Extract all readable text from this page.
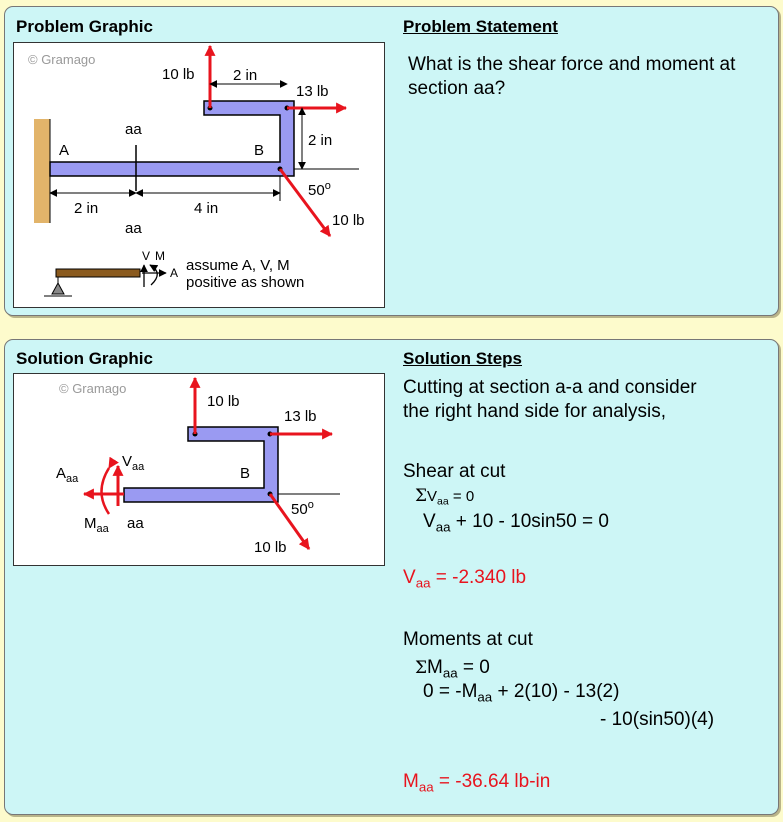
Problem Graphic	Problem Statement
What is the shear force and moment at section aa?
© Gramago
aa
aa
A	B
10 lb
13 lb
10 lb
2 in
2 in
50$^o$
2 in	4 in
V M
A assume A, V, M
positive as shown
Solution Graphic	Solution Steps
© Gramago
B
10 lb
13 lb
10 lb
50$^o$
$A_{aa}$
$V_{aa}$
$M_{aa}$ aa
Cutting at section a-a and consider
the right hand side for analysis,
Shear at cut
$\Sigma V_{aa} = 0$
$V_{aa} + 10 - 10\sin 50 = 0$
$V_{aa} = -2.340$ lb
Moments at cut
$\Sigma M_{aa} = 0$
$0 = -M_{aa} + 2(10) - 13(2)$
- 10(sin50)(4)
$M_{aa} = -36.64$ lb-in
